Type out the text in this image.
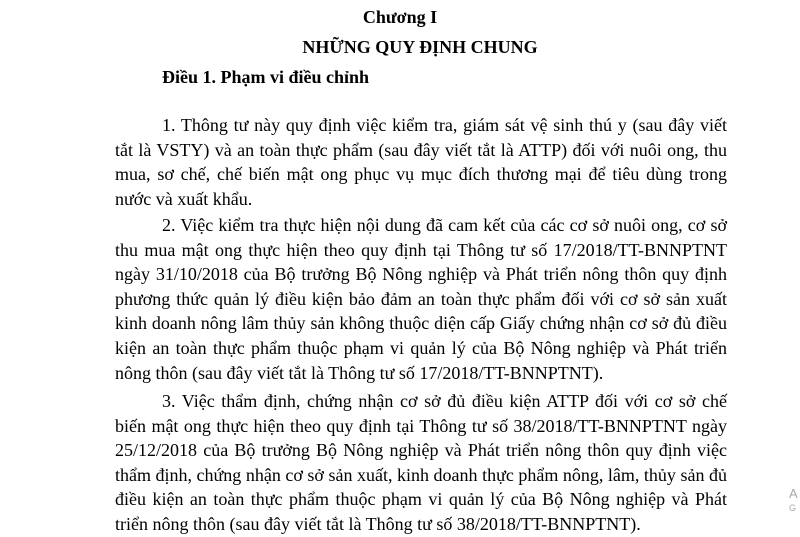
Chương I
NHỮNG QUY ĐỊNH CHUNG
Điều 1. Phạm vi điều chỉnh

1. Thông tư này quy định việc kiểm tra, giám sát vệ sinh thú y (sau đây viết tắt là VSTY) và an toàn thực phẩm (sau đây viết tắt là ATTP) đối với nuôi ong, thu mua, sơ chế, chế biến mật ong phục vụ mục đích thương mại để tiêu dùng trong nước và xuất khẩu.

2. Việc kiểm tra thực hiện nội dung đã cam kết của các cơ sở nuôi ong, cơ sở thu mua mật ong thực hiện theo quy định tại Thông tư số 17/2018/TT-BNNPTNT ngày 31/10/2018 của Bộ trưởng Bộ Nông nghiệp và Phát triển nông thôn quy định phương thức quản lý điều kiện bảo đảm an toàn thực phẩm đối với cơ sở sản xuất kinh doanh nông lâm thủy sản không thuộc diện cấp Giấy chứng nhận cơ sở đủ điều kiện an toàn thực phẩm thuộc phạm vi quản lý của Bộ Nông nghiệp và Phát triển nông thôn (sau đây viết tắt là Thông tư số 17/2018/TT-BNNPTNT).

3. Việc thẩm định, chứng nhận cơ sở đủ điều kiện ATTP đối với cơ sở chế biến mật ong thực hiện theo quy định tại Thông tư số 38/2018/TT-BNNPTNT ngày 25/12/2018 của Bộ trưởng Bộ Nông nghiệp và Phát triển nông thôn quy định việc thẩm định, chứng nhận cơ sở sản xuất, kinh doanh thực phẩm nông, lâm, thủy sản đủ điều kiện an toàn thực phẩm thuộc phạm vi quản lý của Bộ Nông nghiệp và Phát triển nông thôn (sau đây viết tắt là Thông tư số 38/2018/TT-BNNPTNT).

A
G
